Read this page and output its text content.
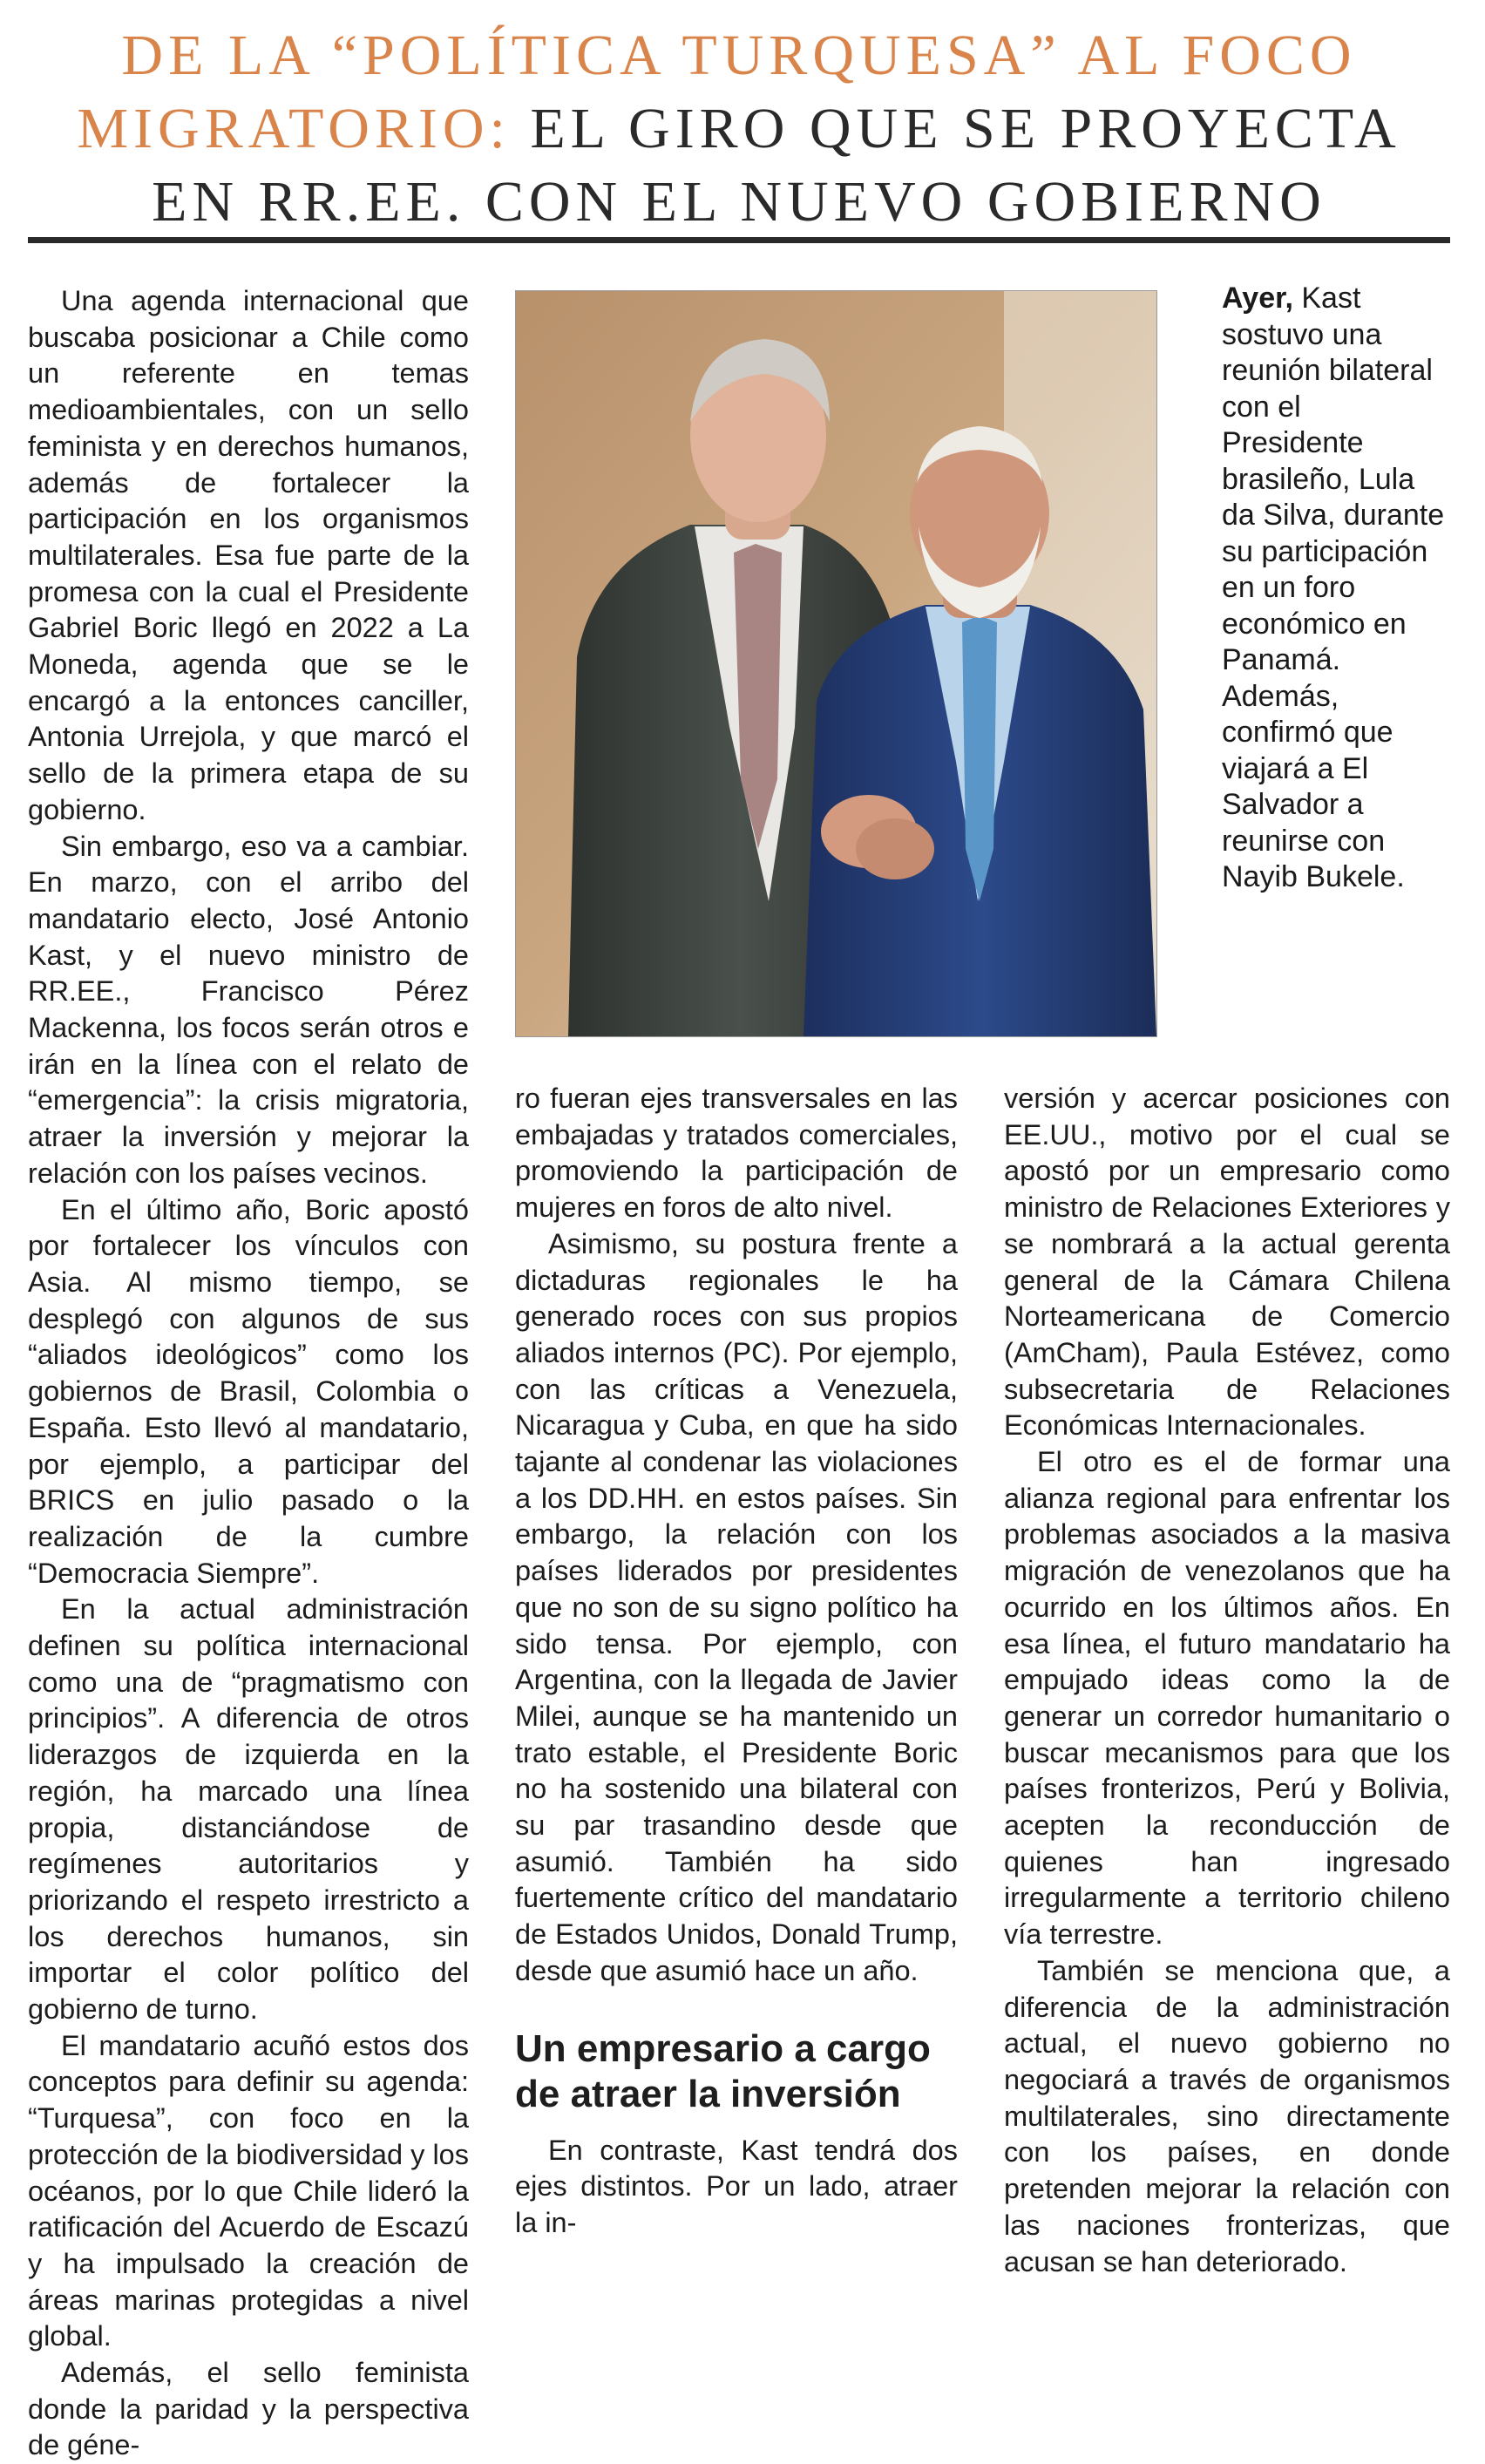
DE LA “POLÍTICA TURQUESA” AL FOCO
MIGRATORIO: EL GIRO QUE SE PROYECTA
EN RR.EE. CON EL NUEVO GOBIERNO

Una agenda internacional que buscaba posicionar a Chile como un referente en temas medioambientales, con un sello feminista y en derechos humanos, además de fortalecer la participación en los organismos multilaterales. Esa fue parte de la promesa con la cual el Presidente Gabriel Boric llegó en 2022 a La Moneda, agenda que se le encargó a la entonces canciller, Antonia Urrejola, y que marcó el sello de la primera etapa de su gobierno.

Sin embargo, eso va a cambiar. En marzo, con el arribo del mandatario electo, José Antonio Kast, y el nuevo ministro de RR.EE., Francisco Pérez Mackenna, los focos serán otros e irán en la línea con el relato de “emergencia”: la crisis migratoria, atraer la inversión y mejorar la relación con los países vecinos.

En el último año, Boric apostó por fortalecer los vínculos con Asia. Al mismo tiempo, se desplegó con algunos de sus “aliados ideológicos” como los gobiernos de Brasil, Colombia o España. Esto llevó al mandatario, por ejemplo, a participar del BRICS en julio pasado o la realización de la cumbre “Democracia Siempre”.

En la actual administración definen su política internacional como una de “pragmatismo con principios”. A diferencia de otros liderazgos de izquierda en la región, ha marcado una línea propia, distanciándose de regímenes autoritarios y priorizando el respeto irrestricto a los derechos humanos, sin importar el color político del gobierno de turno.

El mandatario acuñó estos dos conceptos para definir su agenda: “Turquesa”, con foco en la protección de la biodiversidad y los océanos, por lo que Chile lideró la ratificación del Acuerdo de Escazú y ha impulsado la creación de áreas marinas protegidas a nivel global.

Además, el sello feminista donde la paridad y la perspectiva de géne-

Ayer, Kast sostuvo una reunión bilateral con el Presidente brasileño, Lula da Silva, durante su participación en un foro económico en Panamá. Además, confirmó que viajará a El Salvador a reunirse con Nayib Bukele.

ro fueran ejes transversales en las embajadas y tratados comerciales, promoviendo la participación de mujeres en foros de alto nivel.

Asimismo, su postura frente a dictaduras regionales le ha generado roces con sus propios aliados internos (PC). Por ejemplo, con las críticas a Venezuela, Nicaragua y Cuba, en que ha sido tajante al condenar las violaciones a los DD.HH. en estos países. Sin embargo, la relación con los países liderados por presidentes que no son de su signo político ha sido tensa. Por ejemplo, con Argentina, con la llegada de Javier Milei, aunque se ha mantenido un trato estable, el Presidente Boric no ha sostenido una bilateral con su par trasandino desde que asumió. También ha sido fuertemente crítico del mandatario de Estados Unidos, Donald Trump, desde que asumió hace un año.

Un empresario a cargo de atraer la inversión

En contraste, Kast tendrá dos ejes distintos. Por un lado, atraer la in-

versión y acercar posiciones con EE.UU., motivo por el cual se apostó por un empresario como ministro de Relaciones Exteriores y se nombrará a la actual gerenta general de la Cámara Chilena Norteamericana de Comercio (AmCham), Paula Estévez, como subsecretaria de Relaciones Económicas Internacionales.

El otro es el de formar una alianza regional para enfrentar los problemas asociados a la masiva migración de venezolanos que ha ocurrido en los últimos años. En esa línea, el futuro mandatario ha empujado ideas como la de generar un corredor humanitario o buscar mecanismos para que los países fronterizos, Perú y Bolivia, acepten la reconducción de quienes han ingresado irregularmente a territorio chileno vía terrestre.

También se menciona que, a diferencia de la administración actual, el nuevo gobierno no negociará a través de organismos multilaterales, sino directamente con los países, en donde pretenden mejorar la relación con las naciones fronterizas, que acusan se han deteriorado.
